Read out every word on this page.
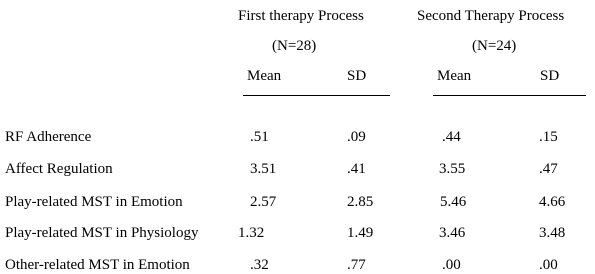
First therapy Process	Second Therapy Process
(N=28)	(N=24)
Mean	SD	Mean	SD
RF Adherence	.51	.09	.44	.15
Affect Regulation	3.51	.41	3.55	.47
Play-related MST in Emotion	2.57	2.85	5.46	4.66
Play-related MST in Physiology	1.32	1.49	3.46	3.48
Other-related MST in Emotion	.32	.77	.00	.00
